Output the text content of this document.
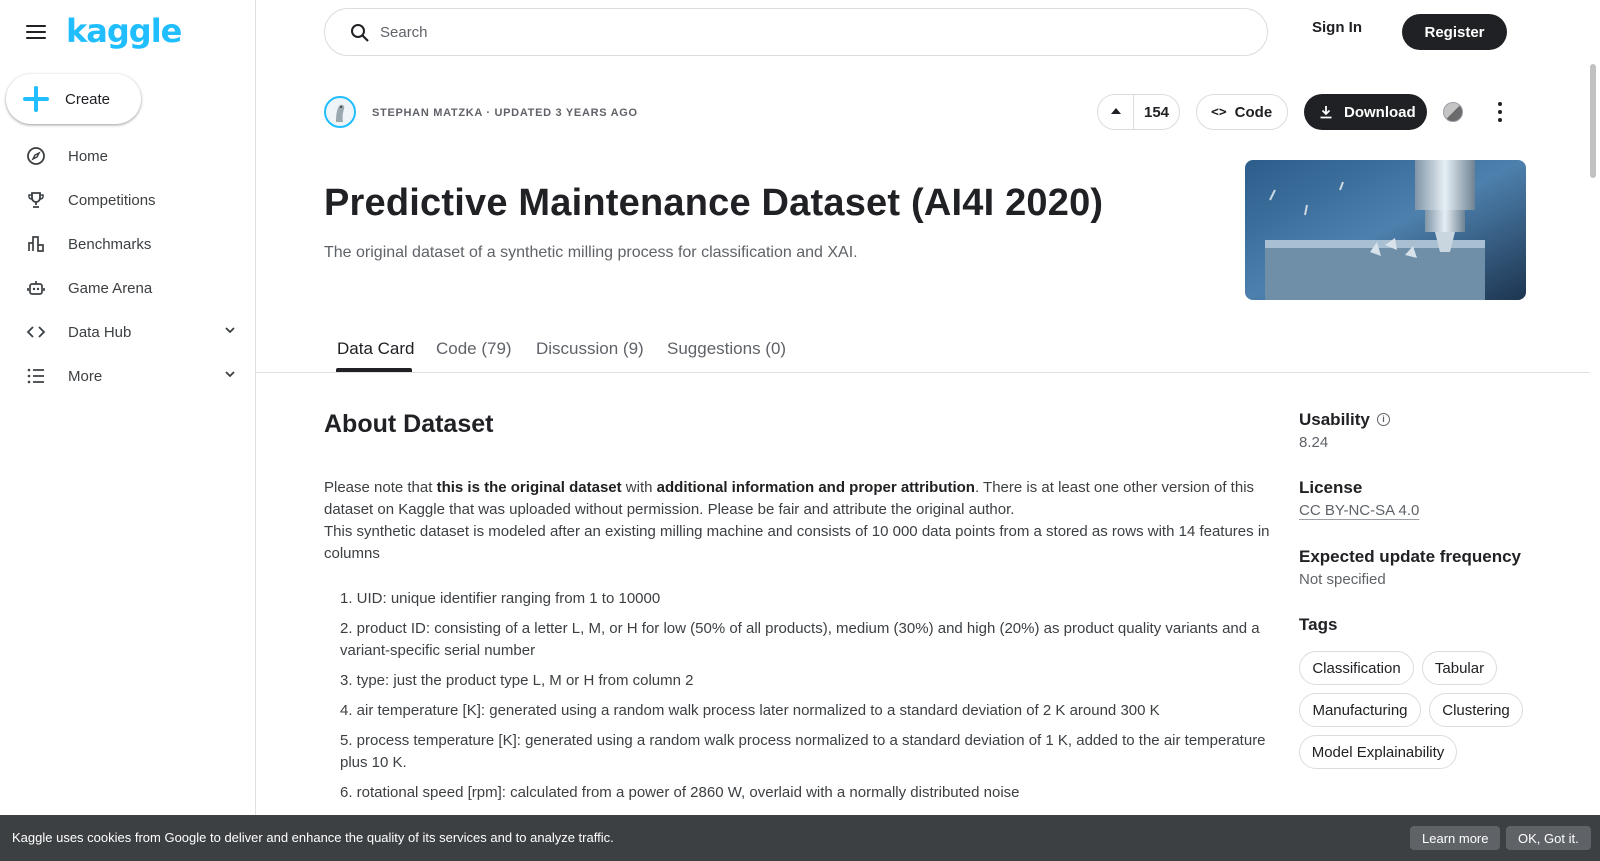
kaggle
Create
Home
Competitions
Benchmarks
Game Arena
Data Hub
More
Search	Sign In	Register
STEPHAN MATZKA · UPDATED 3 YEARS AGO	154	<> Code	Download
Predictive Maintenance Dataset (AI4I 2020)

The original dataset of a synthetic milling process for classification and XAI.

Data Card Code (79) Discussion (9) Suggestions (0)
About Dataset

Please note that this is the original dataset with additional information and proper attribution. There is at least one other version of this dataset on Kaggle that was uploaded without permission. Please be fair and attribute the original author.

This synthetic dataset is modeled after an existing milling machine and consists of 10 000 data points from a stored as rows with 14 features in columns

1. UID: unique identifier ranging from 1 to 10000
2. product ID: consisting of a letter L, M, or H for low (50% of all products), medium (30%) and high (20%) as product quality variants and a variant-specific serial number
3. type: just the product type L, M or H from column 2
4. air temperature [K]: generated using a random walk process later normalized to a standard deviation of 2 K around 300 K
5. process temperature [K]: generated using a random walk process normalized to a standard deviation of 1 K, added to the air temperature plus 10 K.
6. rotational speed [rpm]: calculated from a power of 2860 W, overlaid with a normally distributed noise
Usability	i
8.24
License
CC BY-NC-SA 4.0
Expected update frequency
Not specified
Tags
Classification	Tabular
Manufacturing	Clustering
Model Explainability
Kaggle uses cookies from Google to deliver and enhance the quality of its services and to analyze traffic.	Learn more	OK, Got it.
